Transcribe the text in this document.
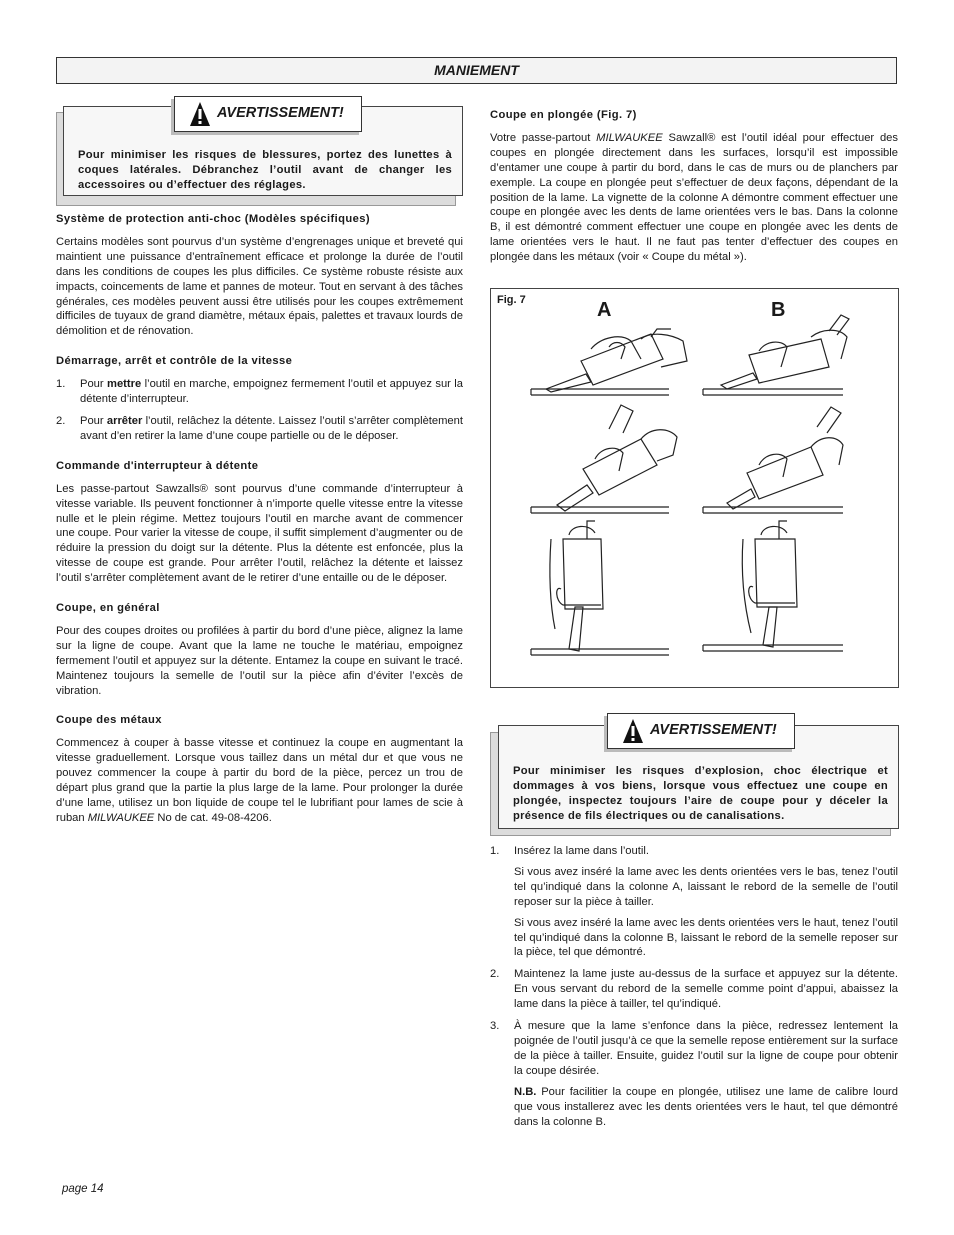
MANIEMENT
Pour minimiser les risques de blessures, portez des lunettes à coques latérales. Débranchez l’outil avant de changer les accessoires ou d’effectuer des réglages.
AVERTISSEMENT!
Système de protection anti-choc (Modèles spécifiques)

Certains modèles sont pourvus d’un système d’engrenages unique et breveté qui maintient une puissance d’entraînement efficace et prolonge la durée de l’outil dans les conditions de coupes les plus difficiles. Ce système robuste résiste aux impacts, coincements de lame et pannes de moteur. Tout en servant à des tâches générales, ces modèles peuvent aussi être utilisés pour les coupes extrêmement difficiles de tuyaux de grand diamètre, métaux épais, palettes et travaux lourds de démolition et de rénovation.

Démarrage, arrêt et contrôle de la vitesse
1. Pour mettre l’outil en marche, empoignez fermement l’outil et appuyez sur la détente d’interrupteur.
2. Pour arrêter l’outil, relâchez la détente. Laissez l’outil s’arrêter complètement avant d’en retirer la lame d’une coupe partielle ou de le déposer.
Commande d'interrupteur à détente

Les passe-partout Sawzalls® sont pourvus d’une commande d’interrupteur à vitesse variable. Ils peuvent fonctionner à n’importe quelle vitesse entre la vitesse nulle et le plein régime. Mettez toujours l’outil en marche avant de commencer une coupe. Pour varier la vitesse de coupe, il suffit simplement d’augmenter ou de réduire la pression du doigt sur la détente. Plus la détente est enfoncée, plus la vitesse de coupe est grande. Pour arrêter l’outil, relâchez la détente et laissez l’outil s’arrêter complètement avant de le retirer d’une entaille ou de le déposer.

Coupe, en général

Pour des coupes droites ou profilées à partir du bord d’une pièce, alignez la lame sur la ligne de coupe. Avant que la lame ne touche le matériau, empoignez fermement l’outil et appuyez sur la détente. Entamez la coupe en suivant le tracé. Maintenez toujours la semelle de l’outil sur la pièce afin d’éviter l’excès de vibration.

Coupe des métaux

Commencez à couper à basse vitesse et continuez la coupe en augmentant la vitesse graduellement. Lorsque vous taillez dans un métal dur et que vous ne pouvez commencer la coupe à partir du bord de la pièce, percez un trou de départ plus grand que la partie la plus large de la lame. Pour prolonger la durée d’une lame, utilisez un bon liquide de coupe tel le lubrifiant pour lames de scie à ruban MILWAUKEE No de cat. 49-08-4206.

Coupe en plongée (Fig. 7)

Votre passe-partout MILWAUKEE Sawzall® est l’outil idéal pour effectuer des coupes en plongée directement dans les surfaces, lorsqu’il est impossible d’entamer une coupe à partir du bord, dans le cas de murs ou de planchers par exemple. La coupe en plongée peut s’effectuer de deux façons, dépendant de la position de la lame. La vignette de la colonne A démontre comment effectuer une coupe en plongée avec les dents de lame orientées vers le bas. Dans la colonne B, il est démontré comment effectuer une coupe en plongée avec les dents de lame orientées vers le haut. Il ne faut pas tenter d’effectuer des coupes en plongée dans les métaux (voir « Coupe du métal »).

Fig. 7	A	B
Pour minimiser les risques d’explosion, choc électrique et dommages à vos biens, lorsque vous effectuez une coupe en plongée, inspectez toujours l’aire de coupe pour y déceler la présence de fils électriques ou de canalisations.
AVERTISSEMENT!
1. Insérez la lame dans l’outil.

Si vous avez inséré la lame avec les dents orientées vers le bas, tenez l’outil tel qu’indiqué dans la colonne A, laissant le rebord de la semelle de l’outil reposer sur la pièce à tailler.

Si vous avez inséré la lame avec les dents orientées vers le haut, tenez l’outil tel qu’indiqué dans la colonne B, laissant le rebord de la semelle reposer sur la pièce, tel que démontré.

2. Maintenez la lame juste au-dessus de la surface et appuyez sur la détente. En vous servant du rebord de la semelle comme point d’appui, abaissez la lame dans la pièce à tailler, tel qu’indiqué.

3. À mesure que la lame s’enfonce dans la pièce, redressez lentement la poignée de l’outil jusqu’à ce que la semelle repose entièrement sur la surface de la pièce à tailler. Ensuite, guidez l’outil sur la ligne de coupe pour obtenir la coupe désirée.

N.B. Pour facilitier la coupe en plongée, utilisez une lame de calibre lourd que vous installerez avec les dents orientées vers le haut, tel que démontré dans la colonne B.

page 14
